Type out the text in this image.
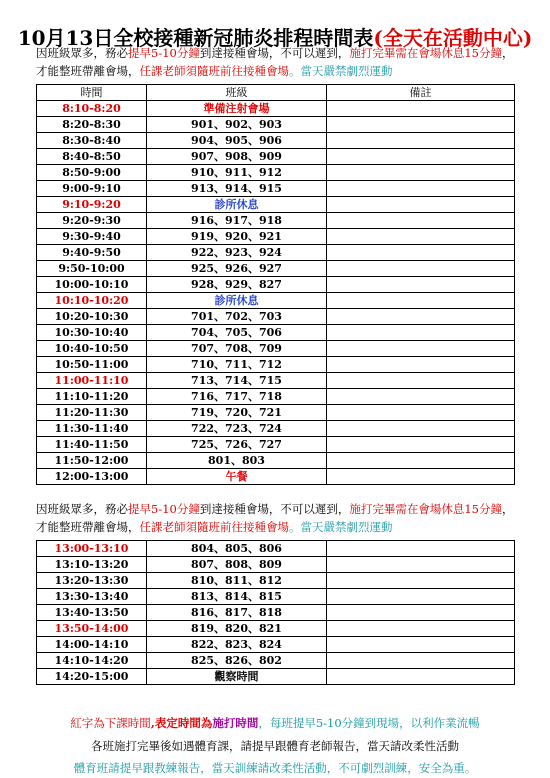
10月13日全校接種新冠肺炎排程時間表(全天在活動中心)
因班級眾多，務必提早5-10分鐘到達接種會場，不可以遲到，施打完畢需在會場休息15分鐘，才能整班帶離會場，任課老師須隨班前往接種會場。當天嚴禁劇烈運動
時間	班級	備註
8:10-8:20	準備注射會場	
8:20-8:30	901、902、903	
8:30-8:40	904、905、906	
8:40-8:50	907、908、909	
8:50-9:00	910、911、912	
9:00-9:10	913、914、915	
9:10-9:20	診所休息	
9:20-9:30	916、917、918	
9:30-9:40	919、920、921	
9:40-9:50	922、923、924	
9:50-10:00	925、926、927	
10:00-10:10	928、929、827	
10:10-10:20	診所休息	
10:20-10:30	701、702、703	
10:30-10:40	704、705、706	
10:40-10:50	707、708、709	
10:50-11:00	710、711、712	
11:00-11:10	713、714、715	
11:10-11:20	716、717、718	
11:20-11:30	719、720、721	
11:30-11:40	722、723、724	
11:40-11:50	725、726、727	
11:50-12:00	801、803	
12:00-13:00	午餐	
因班級眾多，務必提早5-10分鐘到達接種會場，不可以遲到，施打完畢需在會場休息15分鐘，才能整班帶離會場，任課老師須隨班前往接種會場。當天嚴禁劇烈運動
13:00-13:10	804、805、806	
13:10-13:20	807、808、809	
13:20-13:30	810、811、812	
13:30-13:40	813、814、815	
13:40-13:50	816、817、818	
13:50-14:00	819、820、821	
14:00-14:10	822、823、824	
14:10-14:20	825、826、802	
14:20-15:00	觀察時間	
紅字為下課時間,表定時間為施打時間，每班提早5-10分鐘到現場，以利作業流暢
各班施打完畢後如遇體育課，請提早跟體育老師報告，當天請改柔性活動
體育班請提早跟教練報告，當天訓練請改柔性活動，不可劇烈訓練，安全為重。
